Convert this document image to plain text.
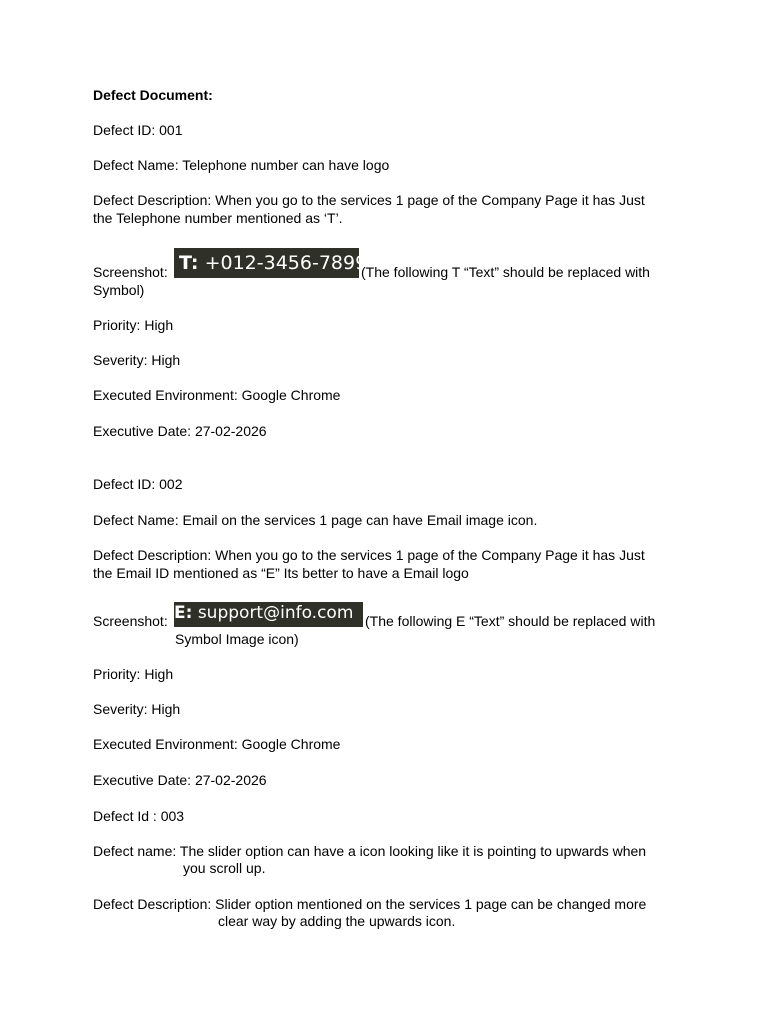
Defect Document:
Defect ID: 001
Defect Name: Telephone number can have logo
Defect Description: When you go to the services 1 page of the Company Page it has Just
the Telephone number mentioned as ‘T’.
Screenshot: T: +012-3456-7899
(The following T “Text” should be replaced with
Symbol)
Priority: High
Severity: High
Executed Environment: Google Chrome
Executive Date: 27-02-2026
Defect ID: 002
Defect Name: Email on the services 1 page can have Email image icon.
Defect Description: When you go to the services 1 page of the Company Page it has Just
the Email ID mentioned as “E” Its better to have a Email logo
Screenshot: E: support@info.com (The following E “Text” should be replaced with
Symbol Image icon)
Priority: High
Severity: High
Executed Environment: Google Chrome
Executive Date: 27-02-2026
Defect Id : 003
Defect name: The slider option can have a icon looking like it is pointing to upwards when
you scroll up.
Defect Description: Slider option mentioned on the services 1 page can be changed more
clear way by adding the upwards icon.
